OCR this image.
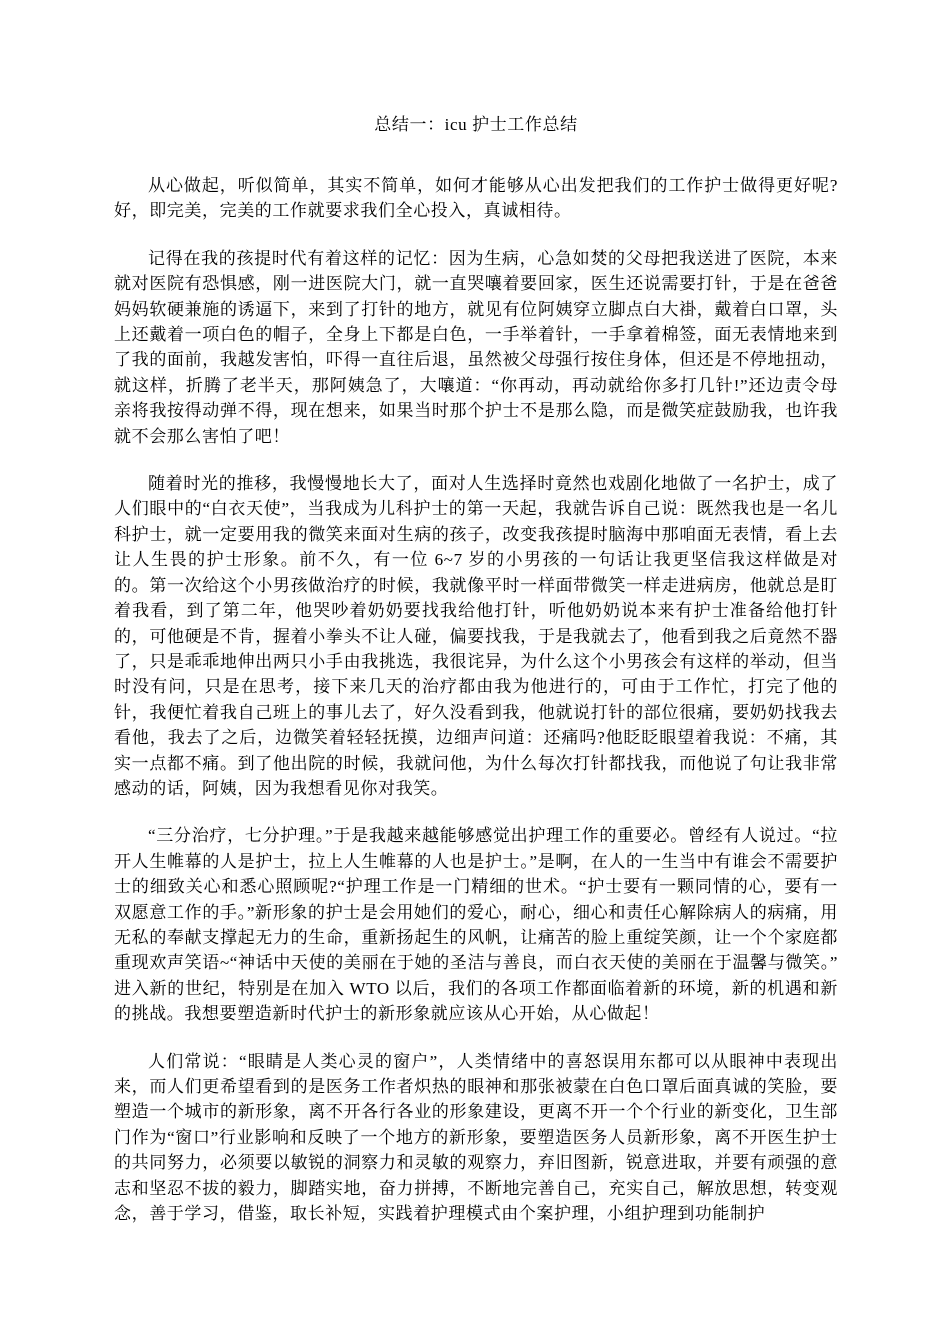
总结一：icu 护士工作总结

从心做起，听似简单，其实不简单，如何才能够从心出发把我们的工作护士做得更好呢?好，即完美，完美的工作就要求我们全心投入，真诚相待。

记得在我的孩提时代有着这样的记忆：因为生病，心急如焚的父母把我送进了医院，本来就对医院有恐惧感，刚一进医院大门，就一直哭嚷着要回家，医生还说需要打针，于是在爸爸妈妈软硬兼施的诱逼下，来到了打针的地方，就见有位阿姨穿立脚点白大褂，戴着白口罩，头上还戴着一项白色的帽子，全身上下都是白色，一手举着针，一手拿着棉签，面无表情地来到了我的面前，我越发害怕，吓得一直往后退，虽然被父母强行按住身体，但还是不停地扭动，就这样，折腾了老半天，那阿姨急了，大嚷道：“你再动，再动就给你多打几针!”还边责令母亲将我按得动弹不得，现在想来，如果当时那个护士不是那么隐，而是微笑症鼓励我，也许我就不会那么害怕了吧！

随着时光的推移，我慢慢地长大了，面对人生选择时竟然也戏剧化地做了一名护士，成了人们眼中的“白衣天使”，当我成为儿科护士的第一天起，我就告诉自己说：既然我也是一名儿科护士，就一定要用我的微笑来面对生病的孩子，改变我孩提时脑海中那咱面无表情，看上去让人生畏的护士形象。前不久，有一位 6~7 岁的小男孩的一句话让我更坚信我这样做是对的。第一次给这个小男孩做治疗的时候，我就像平时一样面带微笑一样走进病房，他就总是盯着我看，到了第二年，他哭吵着奶奶要找我给他打针，听他奶奶说本来有护士准备给他打针的，可他硬是不肯，握着小拳头不让人碰，偏要找我，于是我就去了，他看到我之后竟然不器了，只是乖乖地伸出两只小手由我挑选，我很诧异，为什么这个小男孩会有这样的举动，但当时没有问，只是在思考，接下来几天的治疗都由我为他进行的，可由于工作忙，打完了他的针，我便忙着我自己班上的事儿去了，好久没看到我，他就说打针的部位很痛，要奶奶找我去看他，我去了之后，边微笑着轻轻抚摸，边细声问道：还痛吗?他眨眨眼望着我说：不痛，其实一点都不痛。到了他出院的时候，我就问他，为什么每次打针都找我，而他说了句让我非常感动的话，阿姨，因为我想看见你对我笑。

“三分治疗，七分护理。”于是我越来越能够感觉出护理工作的重要必。曾经有人说过。“拉开人生帷幕的人是护士，拉上人生帷幕的人也是护士。”是啊，在人的一生当中有谁会不需要护士的细致关心和悉心照顾呢?“护理工作是一门精细的世术。“护士要有一颗同情的心，要有一双愿意工作的手。”新形象的护士是会用她们的爱心，耐心，细心和责任心解除病人的病痛，用无私的奉献支撑起无力的生命，重新扬起生的风帆，让痛苦的脸上重绽笑颜，让一个个家庭都重现欢声笑语~“神话中天使的美丽在于她的圣洁与善良，而白衣天使的美丽在于温馨与微笑。”进入新的世纪，特别是在加入 WTO 以后，我们的各项工作都面临着新的环境，新的机遇和新的挑战。我想要塑造新时代护士的新形象就应该从心开始，从心做起！

人们常说：“眼睛是人类心灵的窗户”，人类情绪中的喜怒误用东都可以从眼神中表现出来，而人们更希望看到的是医务工作者炽热的眼神和那张被蒙在白色口罩后面真诚的笑脸，要塑造一个城市的新形象，离不开各行各业的形象建设，更离不开一个个行业的新变化，卫生部门作为“窗口”行业影响和反映了一个地方的新形象，要塑造医务人员新形象，离不开医生护士的共同努力，必须要以敏锐的洞察力和灵敏的观察力，弃旧图新，锐意进取，并要有顽强的意志和坚忍不拔的毅力，脚踏实地，奋力拼搏，不断地完善自己，充实自己，解放思想，转变观念，善于学习，借鉴，取长补短，实践着护理模式由个案护理，小组护理到功能制护
